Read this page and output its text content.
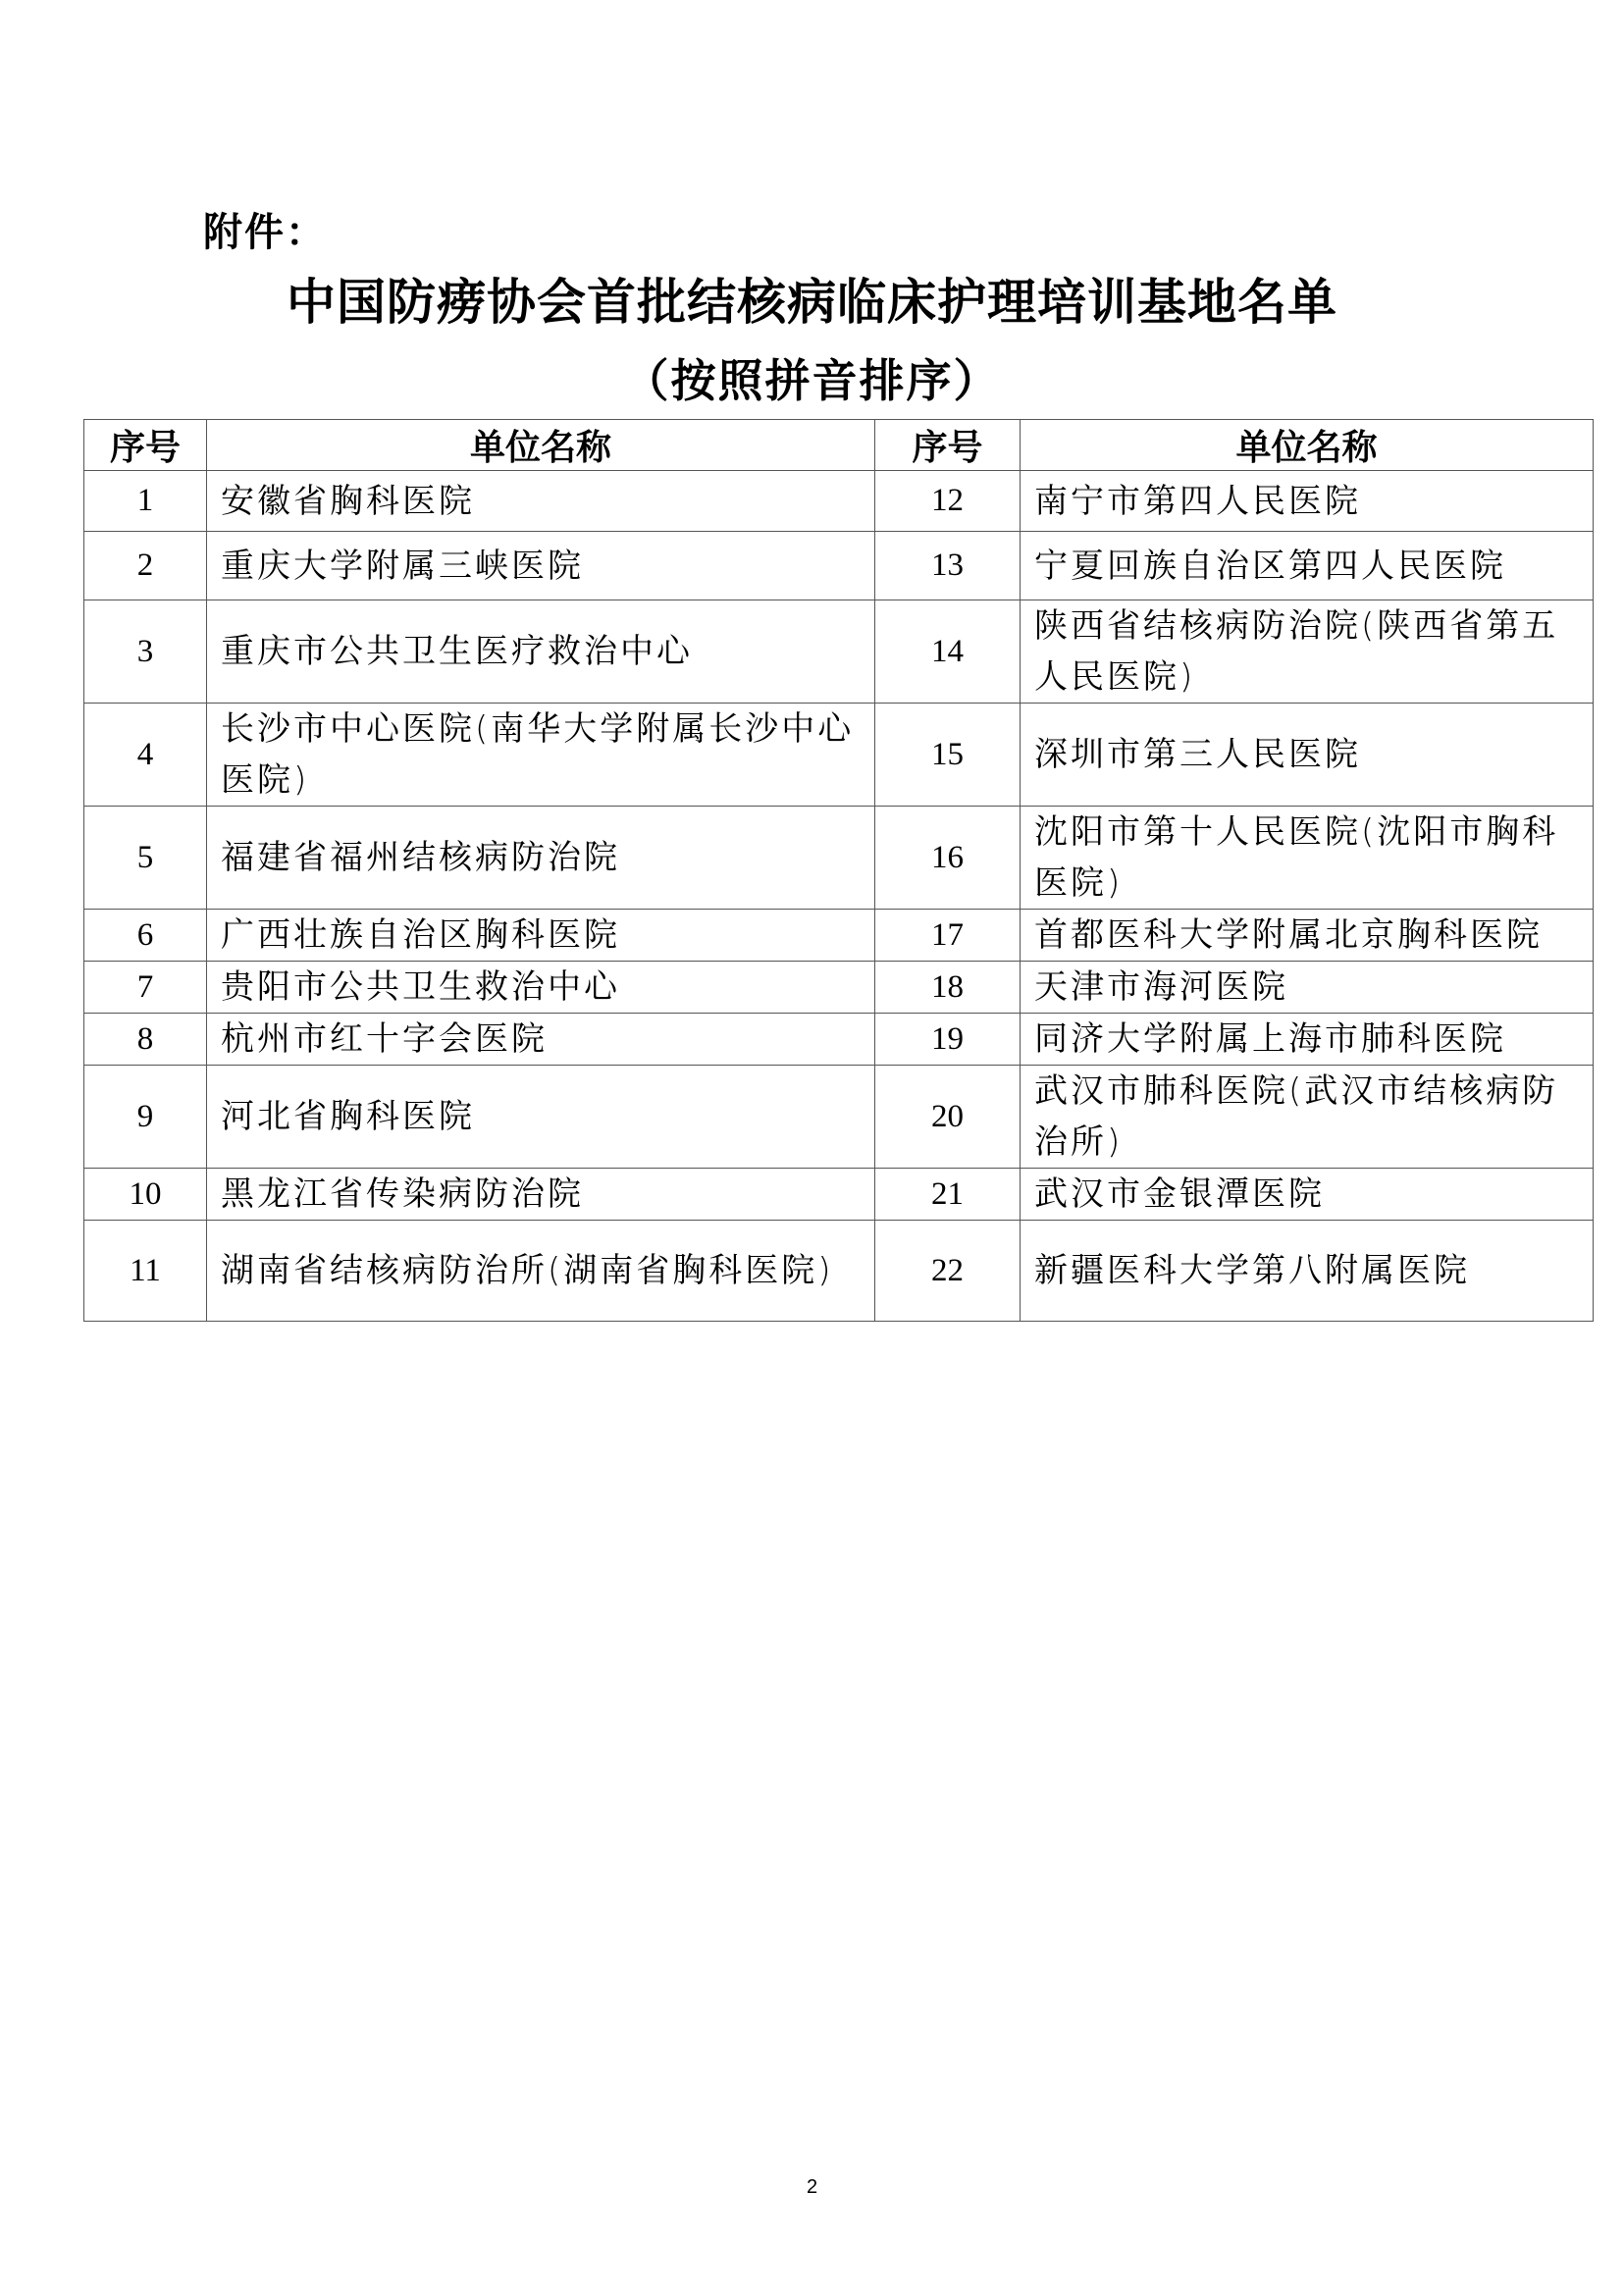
附件：
中国防痨协会首批结核病临床护理培训基地名单
（按照拼音排序）
序号	单位名称	序号	单位名称
1	安徽省胸科医院	12	南宁市第四人民医院
2	重庆大学附属三峡医院	13	宁夏回族自治区第四人民医院
3	重庆市公共卫生医疗救治中心	14	陕西省结核病防治院(陕西省第五人民医院)
4	长沙市中心医院(南华大学附属长沙中心医院)	15	深圳市第三人民医院
5	福建省福州结核病防治院	16	沈阳市第十人民医院(沈阳市胸科医院)
6	广西壮族自治区胸科医院	17	首都医科大学附属北京胸科医院
7	贵阳市公共卫生救治中心	18	天津市海河医院
8	杭州市红十字会医院	19	同济大学附属上海市肺科医院
9	河北省胸科医院	20	武汉市肺科医院(武汉市结核病防治所)
10	黑龙江省传染病防治院	21	武汉市金银潭医院
11	湖南省结核病防治所(湖南省胸科医院)	22	新疆医科大学第八附属医院
2
